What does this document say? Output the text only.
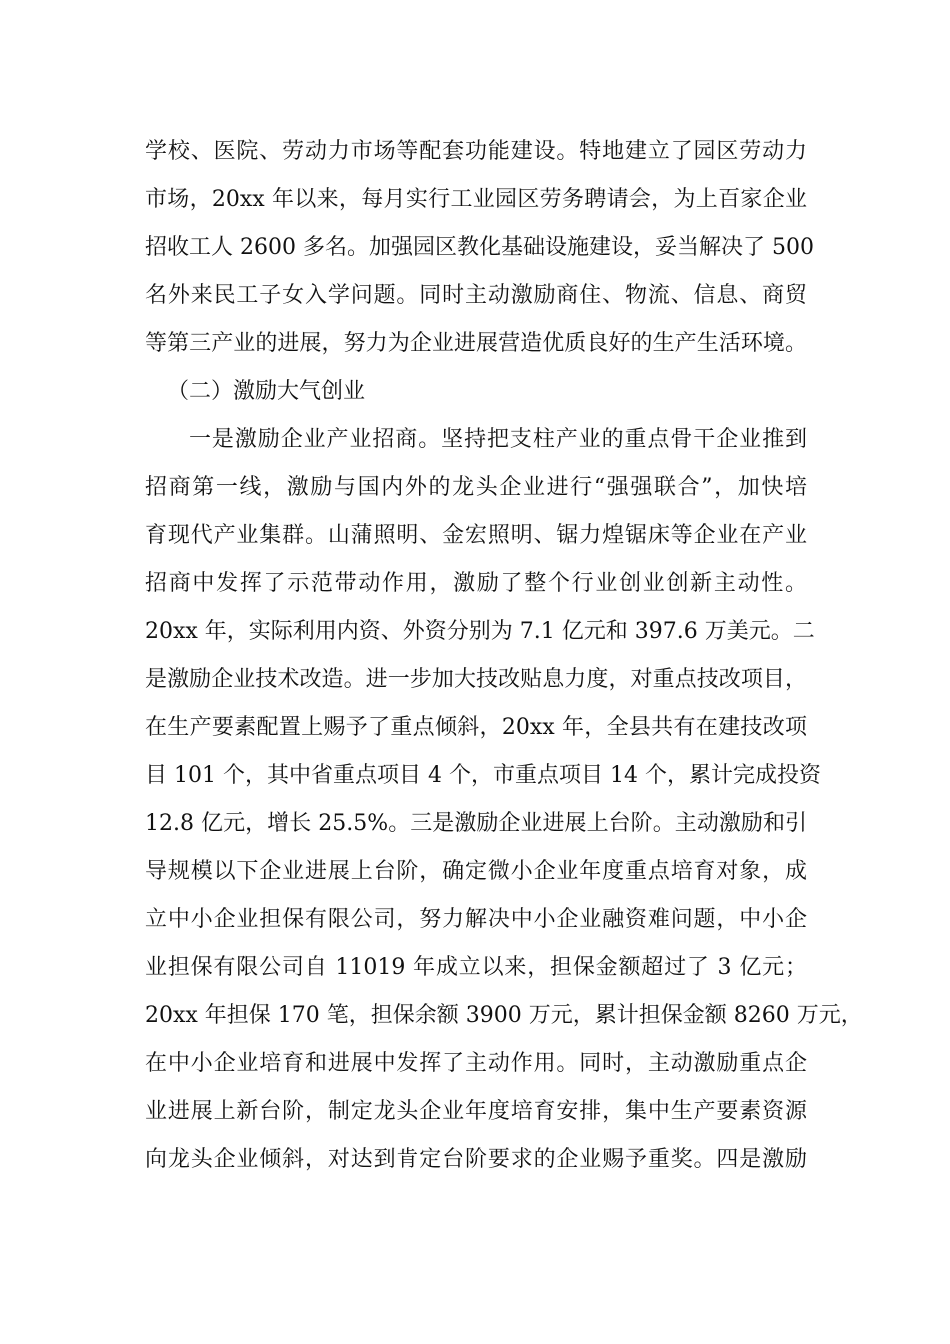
学校、医院、劳动力市场等配套功能建设。特地建立了园区劳动力
市场，20xx 年以来，每月实行工业园区劳务聘请会，为上百家企业
招收工人 2600 多名。加强园区教化基础设施建设，妥当解决了 500
名外来民工子女入学问题。同时主动激励商住、物流、信息、商贸
等第三产业的进展，努力为企业进展营造优质良好的生产生活环境。
（二）激励大气创业
一是激励企业产业招商。坚持把支柱产业的重点骨干企业推到
招商第一线，激励与国内外的龙头企业进行“强强联合”，加快培
育现代产业集群。山蒲照明、金宏照明、锯力煌锯床等企业在产业
招商中发挥了示范带动作用，激励了整个行业创业创新主动性。
20xx 年，实际利用内资、外资分别为 7.1 亿元和 397.6 万美元。二
是激励企业技术改造。进一步加大技改贴息力度，对重点技改项目，
在生产要素配置上赐予了重点倾斜，20xx 年，全县共有在建技改项
目 101 个，其中省重点项目 4 个，市重点项目 14 个，累计完成投资
12.8 亿元，增长 25.5%。三是激励企业进展上台阶。主动激励和引
导规模以下企业进展上台阶，确定微小企业年度重点培育对象，成
立中小企业担保有限公司，努力解决中小企业融资难问题，中小企
业担保有限公司自 11019 年成立以来，担保金额超过了 3 亿元；
20xx 年担保 170 笔，担保余额 3900 万元，累计担保金额 8260 万元，
在中小企业培育和进展中发挥了主动作用。同时，主动激励重点企
业进展上新台阶，制定龙头企业年度培育安排，集中生产要素资源
向龙头企业倾斜，对达到肯定台阶要求的企业赐予重奖。四是激励
